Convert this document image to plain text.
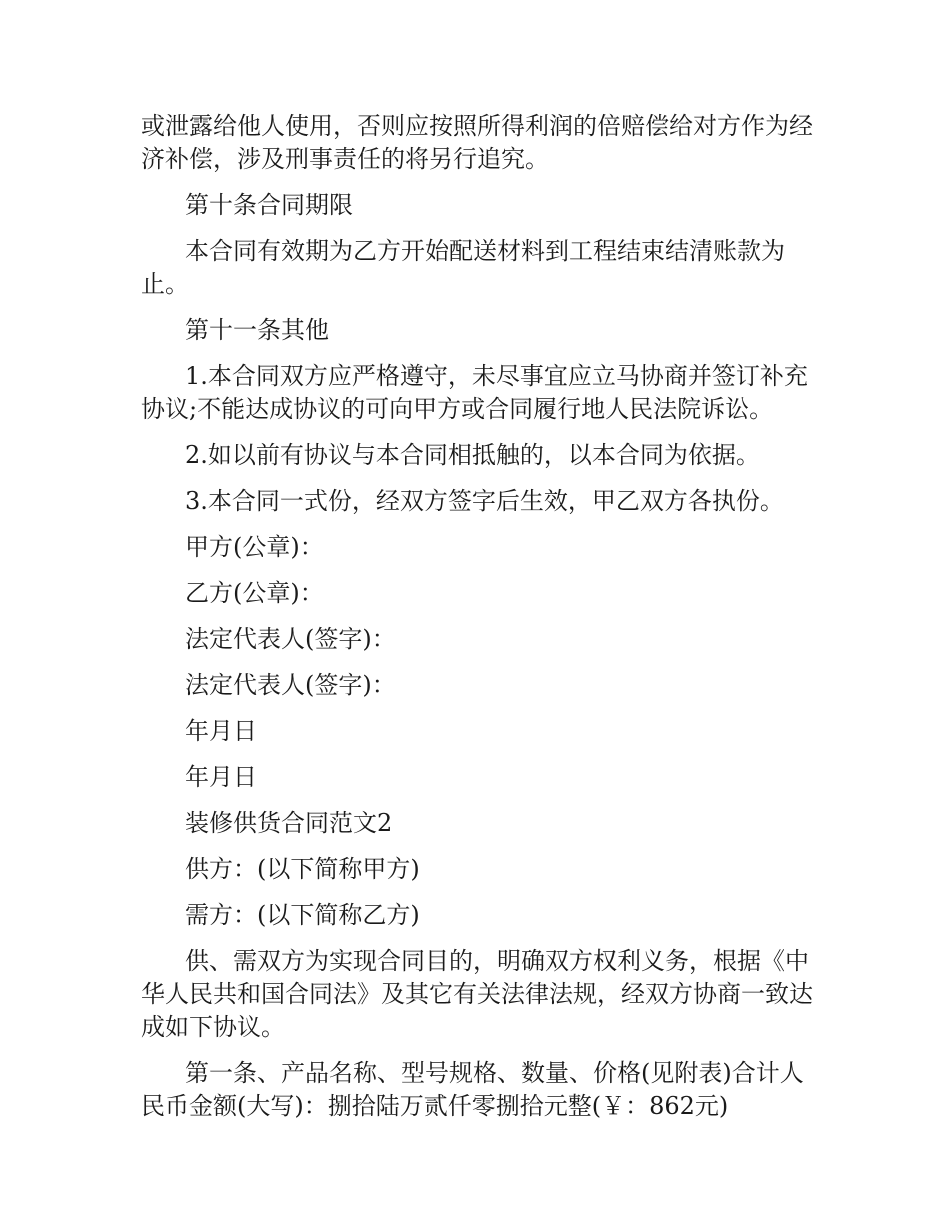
或泄露给他人使用，否则应按照所得利润的倍赔偿给对方作为经济补偿，涉及刑事责任的将另行追究。

第十条合同期限

本合同有效期为乙方开始配送材料到工程结束结清账款为止。

第十一条其他

1.本合同双方应严格遵守，未尽事宜应立马协商并签订补充协议;不能达成协议的可向甲方或合同履行地人民法院诉讼。

2.如以前有协议与本合同相抵触的，以本合同为依据。

3.本合同一式份，经双方签字后生效，甲乙双方各执份。

甲方(公章)：

乙方(公章)：

法定代表人(签字)：

法定代表人(签字)：

年月日

年月日

装修供货合同范文2

供方：(以下简称甲方)

需方：(以下简称乙方)

供、需双方为实现合同目的，明确双方权利义务，根据《中华人民共和国合同法》及其它有关法律法规，经双方协商一致达成如下协议。

第一条、产品名称、型号规格、数量、价格(见附表)合计人民币金额(大写)：捌拾陆万贰仟零捌拾元整(￥：862元)
